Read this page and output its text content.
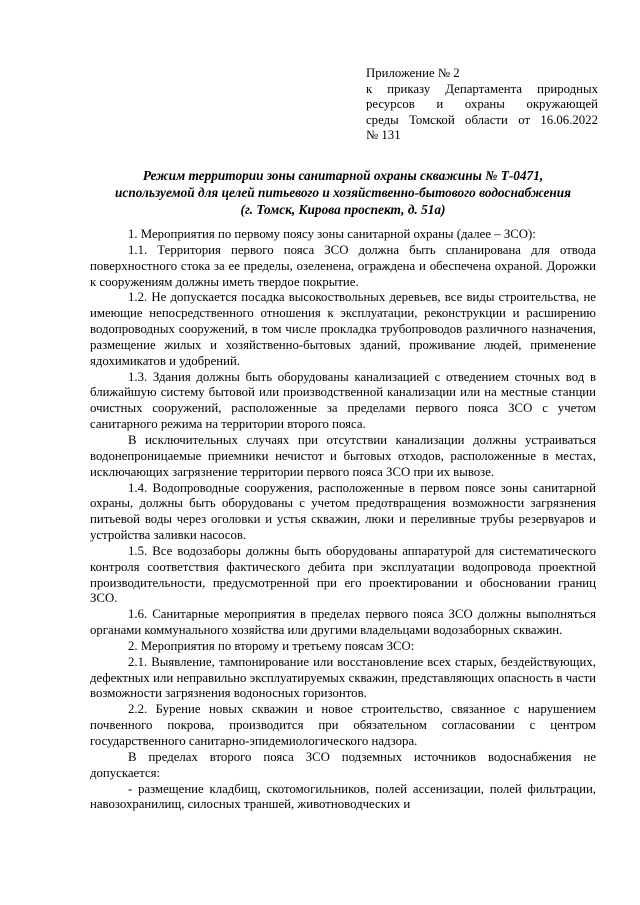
Приложение № 2
к приказу Департамента природных
ресурсов и охраны окружающей
среды Томской области от 16.06.2022
№ 131
Режим территории зоны санитарной охраны скважины № Т-0471,
используемой для целей питьевого и хозяйственно-бытового водоснабжения
(г. Томск, Кирова проспект, д. 51а)

1. Мероприятия по первому поясу зоны санитарной охраны (далее – ЗСО):

1.1. Территория первого пояса ЗСО должна быть спланирована для отвода поверхностного стока за ее пределы, озеленена, ограждена и обеспечена охраной. Дорожки к сооружениям должны иметь твердое покрытие.

1.2. Не допускается посадка высокоствольных деревьев, все виды строительства, не имеющие непосредственного отношения к эксплуатации, реконструкции и расширению водопроводных сооружений, в том числе прокладка трубопроводов различного назначения, размещение жилых и хозяйственно-бытовых зданий, проживание людей, применение ядохимикатов и удобрений.

1.3. Здания должны быть оборудованы канализацией с отведением сточных вод в ближайшую систему бытовой или производственной канализации или на местные станции очистных сооружений, расположенные за пределами первого пояса ЗСО с учетом санитарного режима на территории второго пояса.

В исключительных случаях при отсутствии канализации должны устраиваться водонепроницаемые приемники нечистот и бытовых отходов, расположенные в местах, исключающих загрязнение территории первого пояса ЗСО при их вывозе.

1.4. Водопроводные сооружения, расположенные в первом поясе зоны санитарной охраны, должны быть оборудованы с учетом предотвращения возможности загрязнения питьевой воды через оголовки и устья скважин, люки и переливные трубы резервуаров и устройства заливки насосов.

1.5. Все водозаборы должны быть оборудованы аппаратурой для систематического контроля соответствия фактического дебита при эксплуатации водопровода проектной производительности, предусмотренной при его проектировании и обосновании границ ЗСО.

1.6. Санитарные мероприятия в пределах первого пояса ЗСО должны выполняться органами коммунального хозяйства или другими владельцами водозаборных скважин.

2. Мероприятия по второму и третьему поясам ЗСО:

2.1. Выявление, тампонирование или восстановление всех старых, бездействующих, дефектных или неправильно эксплуатируемых скважин, представляющих опасность в части возможности загрязнения водоносных горизонтов.

2.2. Бурение новых скважин и новое строительство, связанное с нарушением почвенного покрова, производится при обязательном согласовании с центром государственного санитарно-эпидемиологического надзора.

В пределах второго пояса ЗСО подземных источников водоснабжения не допускается:

- размещение кладбищ, скотомогильников, полей ассенизации, полей фильтрации, навозохранилищ, силосных траншей, животноводческих и
